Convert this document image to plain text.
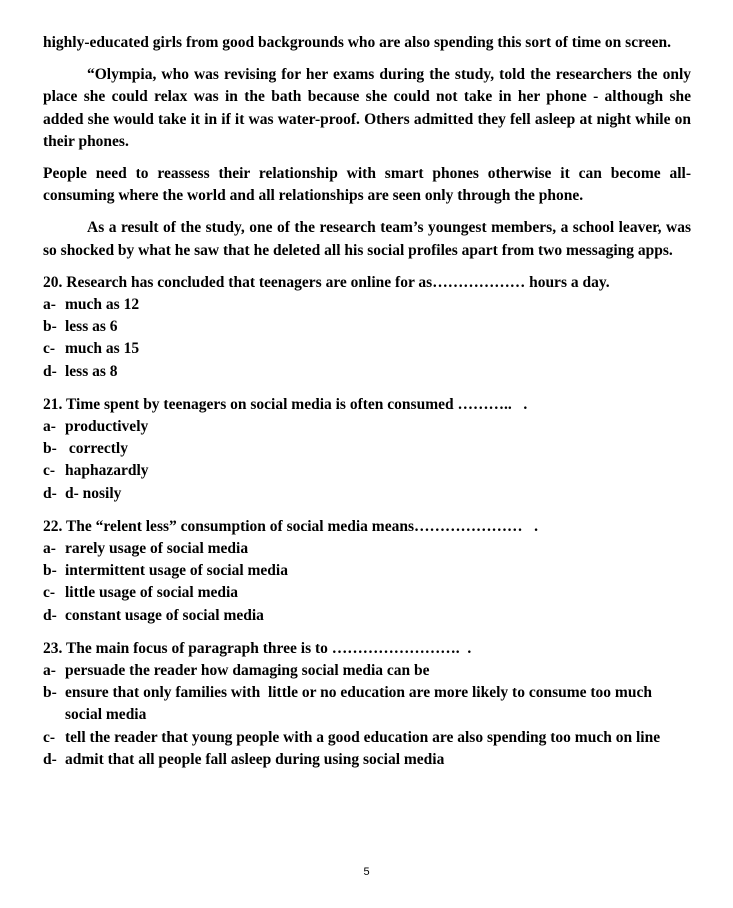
highly-educated girls from good backgrounds who are also spending this sort of time on screen.

“Olympia, who was revising for her exams during the study, told the researchers the only place she could relax was in the bath because she could not take in her phone - although she added she would take it in if it was water-proof. Others admitted they fell asleep at night while on their phones.

People need to reassess their relationship with smart phones otherwise it can become all-consuming where the world and all relationships are seen only through the phone.

As a result of the study, one of the research team’s youngest members, a school leaver, was so shocked by what he saw that he deleted all his social profiles apart from two messaging apps.

20. Research has concluded that teenagers are online for as……………… hours a day.

a- much as 12
b- less as 6
c- much as 15
d- less as 8

21. Time spent by teenagers on social media is often consumed ………..   .

a- productively
b- correctly
c- haphazardly
d- d- nosily

22. The “relent less” consumption of social media means…………………   .

a- rarely usage of social media
b- intermittent usage of social media
c- little usage of social media
d- constant usage of social media

23. The main focus of paragraph three is to …………………….  .

a- persuade the reader how damaging social media can be
b- ensure that only families with  little or no education are more likely to consume too much social media
c- tell the reader that young people with a good education are also spending too much on line
d- admit that all people fall asleep during using social media
5
